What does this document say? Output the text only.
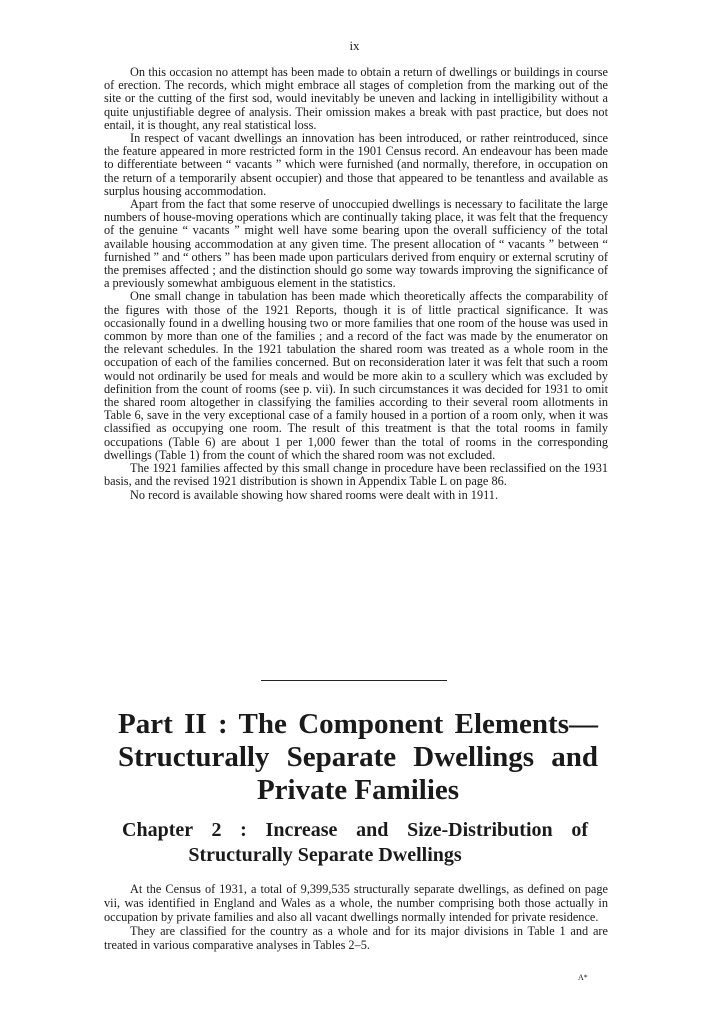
ix

On this occasion no attempt has been made to obtain a return of dwellings or buildings in course of erection. The records, which might embrace all stages of completion from the marking out of the site or the cutting of the first sod, would inevitably be uneven and lacking in intelligibility without a quite unjustifiable degree of analysis. Their omission makes a break with past practice, but does not entail, it is thought, any real statistical loss.

In respect of vacant dwellings an innovation has been introduced, or rather reintroduced, since the feature appeared in more restricted form in the 1901 Census record. An endeavour has been made to differentiate between “ vacants ” which were furnished (and normally, therefore, in occupation on the return of a temporarily absent occupier) and those that appeared to be tenantless and available as surplus housing accommodation.

Apart from the fact that some reserve of unoccupied dwellings is necessary to facilitate the large numbers of house-moving operations which are continually taking place, it was felt that the frequency of the genuine “ vacants ” might well have some bearing upon the overall sufficiency of the total available housing accommodation at any given time. The present allocation of “ vacants ” between “ furnished ” and “ others ” has been made upon particulars derived from enquiry or external scrutiny of the premises affected ; and the distinction should go some way towards improving the significance of a previously somewhat ambiguous element in the statistics.

One small change in tabulation has been made which theoretically affects the comparability of the figures with those of the 1921 Reports, though it is of little practical significance. It was occasionally found in a dwelling housing two or more families that one room of the house was used in common by more than one of the families ; and a record of the fact was made by the enumerator on the relevant schedules. In the 1921 tabulation the shared room was treated as a whole room in the occupation of each of the families concerned. But on reconsideration later it was felt that such a room would not ordinarily be used for meals and would be more akin to a scullery which was excluded by definition from the count of rooms (see p. vii). In such circumstances it was decided for 1931 to omit the shared room altogether in classifying the families according to their several room allotments in Table 6, save in the very exceptional case of a family housed in a portion of a room only, when it was classified as occupying one room. The result of this treatment is that the total rooms in family occupations (Table 6) are about 1 per 1,000 fewer than the total of rooms in the corresponding dwellings (Table 1) from the count of which the shared room was not excluded.

The 1921 families affected by this small change in procedure have been reclassified on the 1931 basis, and the revised 1921 distribution is shown in Appendix Table L on page 86.

No record is available showing how shared rooms were dealt with in 1911.

Part II : The Component Elements—
Structurally Separate Dwellings and
Private Families
Chapter 2 : Increase and Size-Distribution of
Structurally Separate Dwellings

At the Census of 1931, a total of 9,399,535 structurally separate dwellings, as defined on page vii, was identified in England and Wales as a whole, the number comprising both those actually in occupation by private families and also all vacant dwellings normally intended for private residence.

They are classified for the country as a whole and for its major divisions in Table 1 and are treated in various comparative analyses in Tables 2–5.

A*
